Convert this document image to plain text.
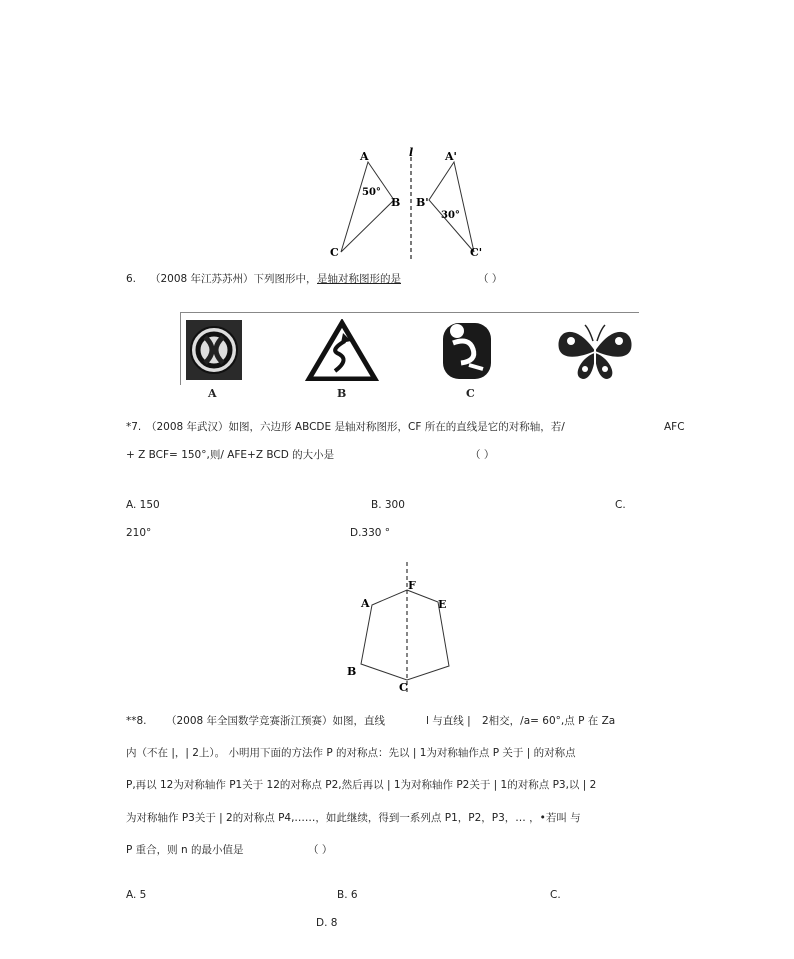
A
B
C
A'
B'
C'
l
50°
30°
6. （2008 年江苏苏州）下列图形中， 是轴对称图形的是	（ ）
A	B	C
*7. （2008 年武汉）如图，六边形 ABCDE 是轴对称图形，CF 所在的直线是它的对称轴，若/	AFC
+ Z BCF= 150°,则/ AFE+Z BCD 的大小是	（ ）
A. 150	B. 300	C.
210°	D.330 °
F
A	E
B
C
**8. （2008 年全国数学竞赛浙江预赛）如图，直线	l 与直线 | 2相交，/a= 60°,点 P 在 Za
内（不在 |，| 2上）。 小明用下面的方法作 P 的对称点：先以 | 1为对称轴作点 P 关于 | 的对称点
P,再以 12为对称轴作 P1关于 12的对称点 P2,然后再以 | 1为对称轴作 P2关于 | 1的对称点 P3,以 | 2
为对称轴作 P3关于 | 2的对称点 P4,……，如此继续，得到一系列点 P1，P2，P3，… ，•若叫 与
P 重合，则 n 的最小值是	（ ）
A. 5	B. 6	C.
D. 8
